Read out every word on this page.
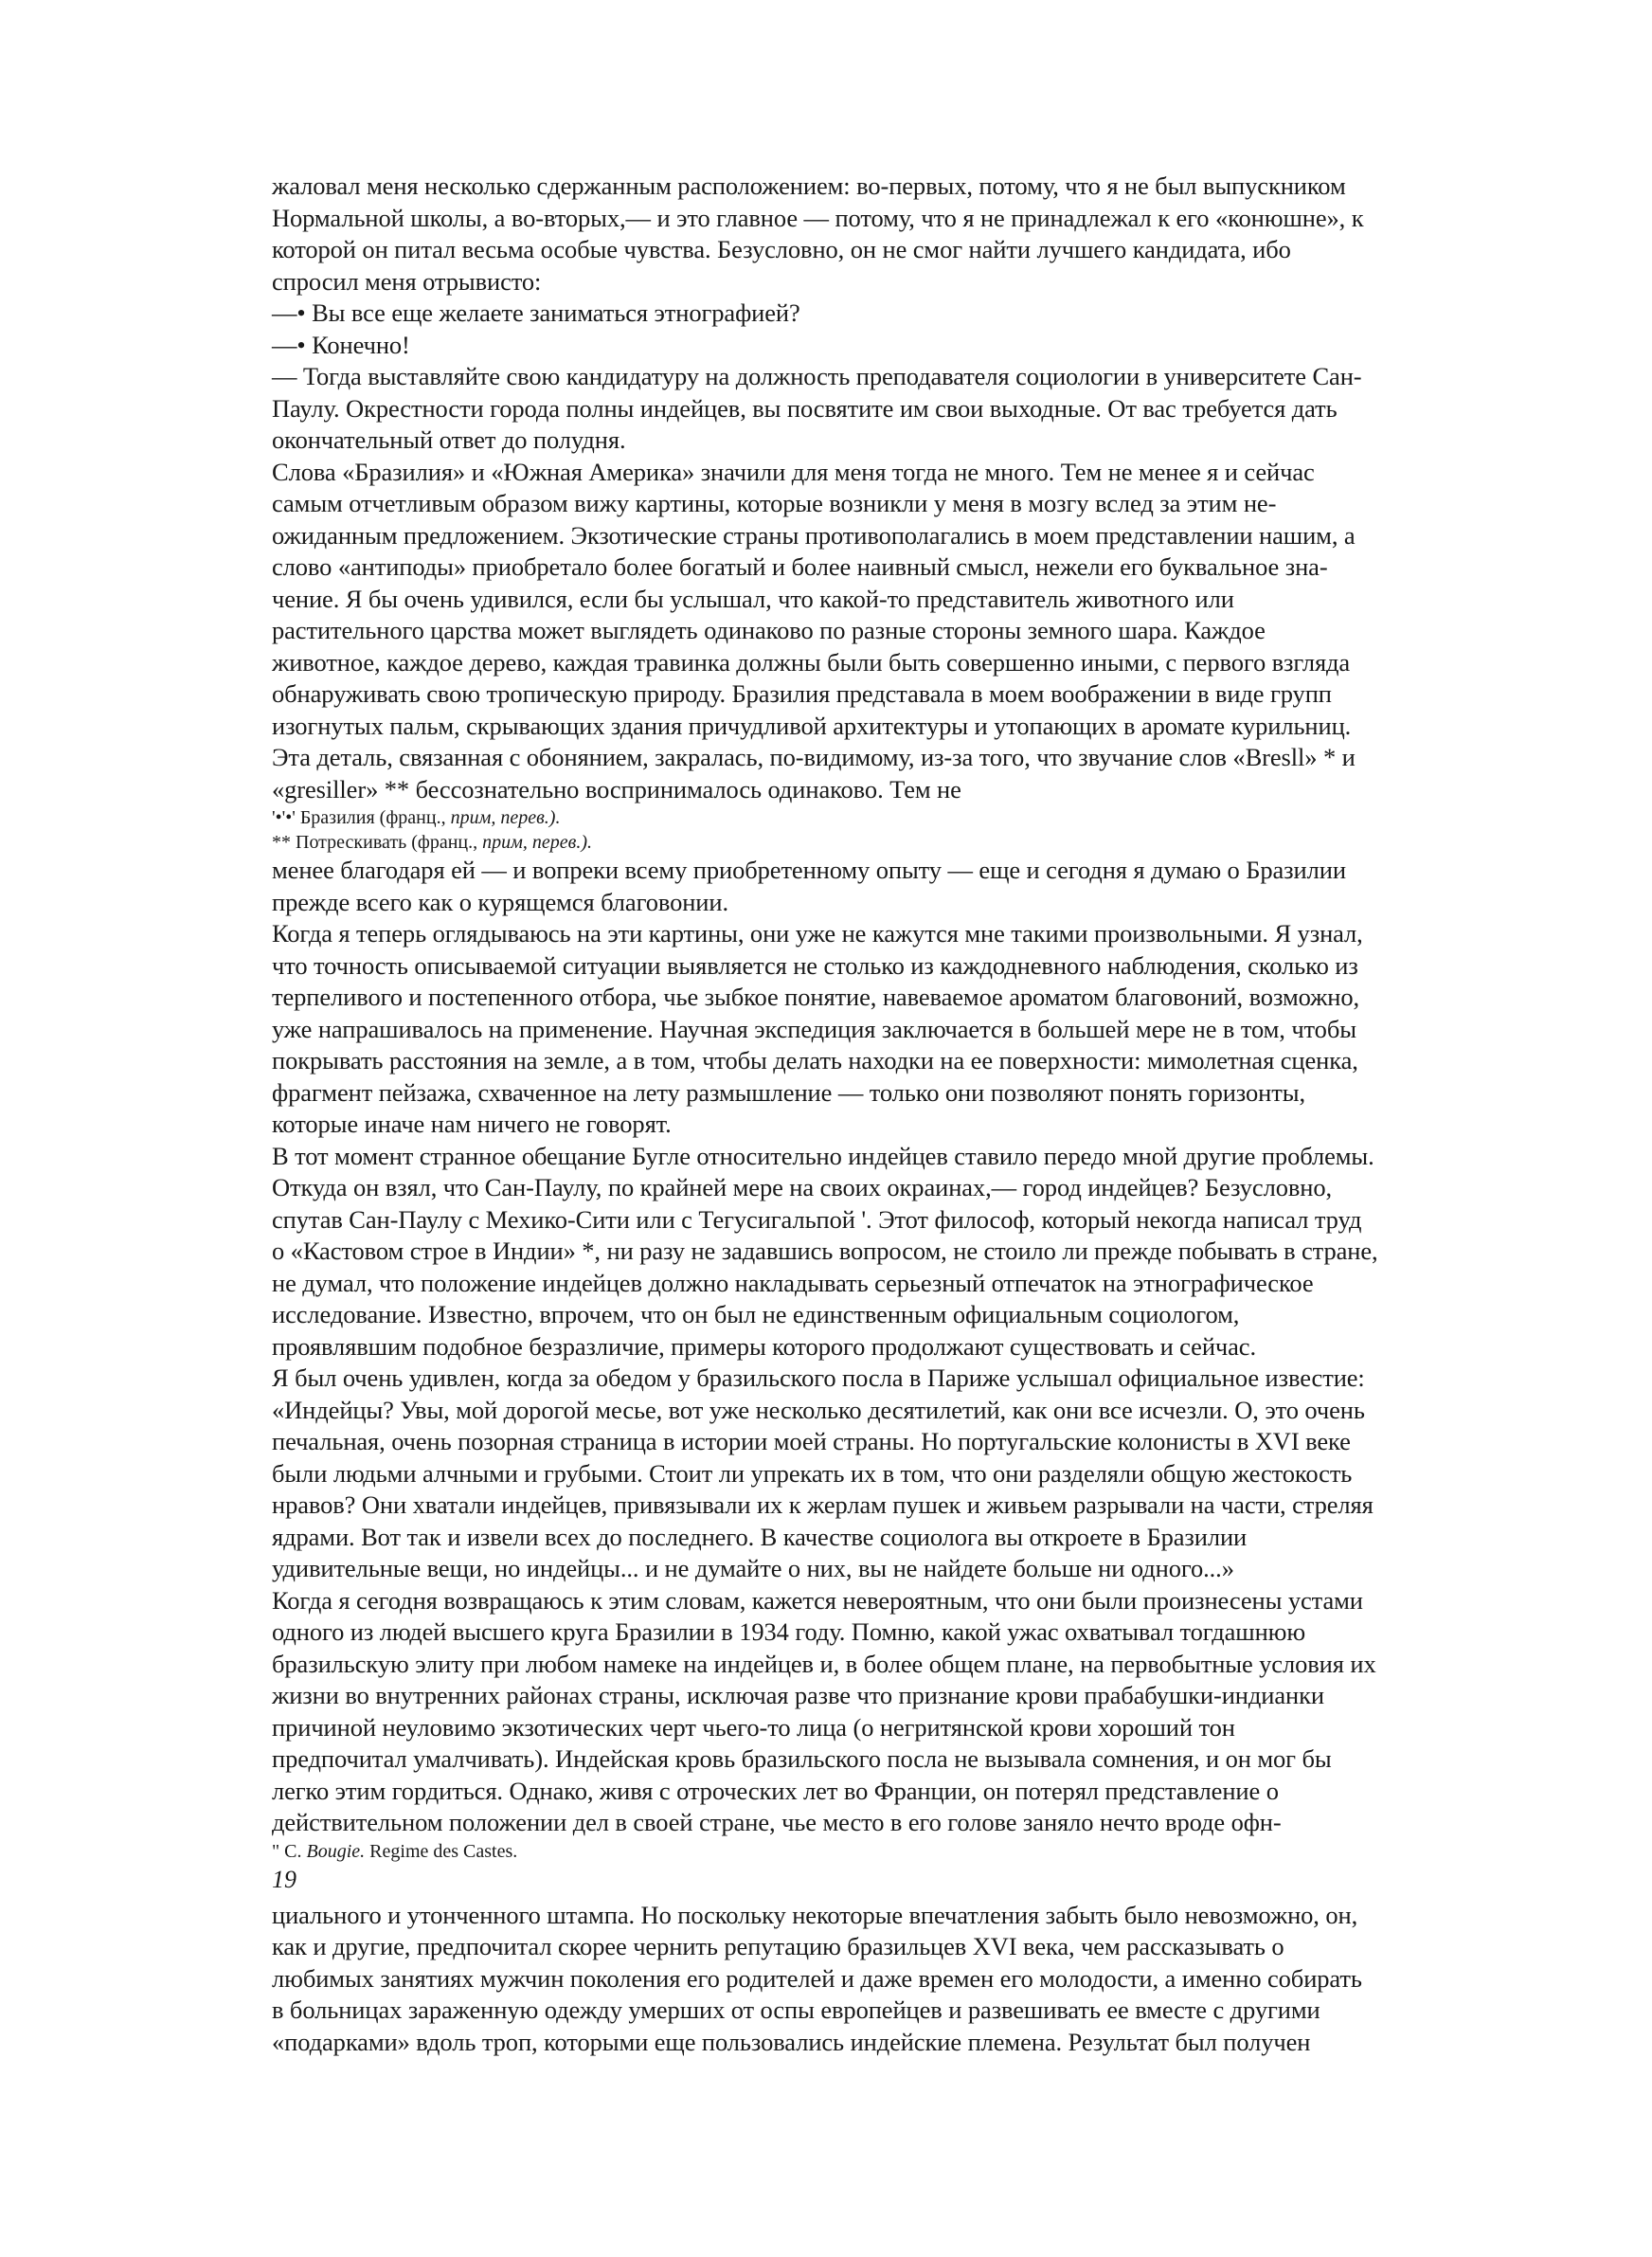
жаловал меня несколько сдержанным расположением: во-первых, потому, что я не был выпускником
Нормальной школы, а во-вторых,— и это главное — потому, что я не принадлежал к его «конюшне», к
которой он питал весьма особые чувства. Безусловно, он не смог найти лучшего кандидата, ибо
спросил меня отрывисто:
—• Вы все еще желаете заниматься этнографией?
—• Конечно!
— Тогда выставляйте свою кандидатуру на должность преподавателя социологии в университете Сан-
Паулу. Окрестности города полны индейцев, вы посвятите им свои выходные. От вас требуется дать
окончательный ответ до полудня.
Слова «Бразилия» и «Южная Америка» значили для меня тогда не много. Тем не менее я и сейчас
самым отчетливым образом вижу картины, которые возникли у меня в мозгу вслед за этим не-
ожиданным предложением. Экзотические страны противополагались в моем представлении нашим, а
слово «антиподы» приобретало более богатый и более наивный смысл, нежели его буквальное зна-
чение. Я бы очень удивился, если бы услышал, что какой-то представитель животного или
растительного царства может выглядеть одинаково по разные стороны земного шара. Каждое
животное, каждое дерево, каждая травинка должны были быть совершенно иными, с первого взгляда
обнаруживать свою тропическую природу. Бразилия представала в моем воображении в виде групп
изогнутых пальм, скрывающих здания причудливой архитектуры и утопающих в аромате курильниц.
Эта деталь, связанная с обонянием, закралась, по-видимому, из-за того, что звучание слов «Bresll» * и
«gresiller» ** бессознательно воспринималось одинаково. Тем не
'•'•' Бразилия (франц., прим, перев.).
** Потрескивать (франц., прим, перев.).
менее благодаря ей — и вопреки всему приобретенному опыту — еще и сегодня я думаю о Бразилии
прежде всего как о курящемся благовонии.
Когда я теперь оглядываюсь на эти картины, они уже не кажутся мне такими произвольными. Я узнал,
что точность описываемой ситуации выявляется не столько из каждодневного наблюдения, сколько из
терпеливого и постепенного отбора, чье зыбкое понятие, навеваемое ароматом благовоний, возможно,
уже напрашивалось на применение. Научная экспедиция заключается в большей мере не в том, чтобы
покрывать расстояния на земле, а в том, чтобы делать находки на ее поверхности: мимолетная сценка,
фрагмент пейзажа, схваченное на лету размышление — только они позволяют понять горизонты,
которые иначе нам ничего не говорят.
В тот момент странное обещание Бугле относительно индейцев ставило передо мной другие проблемы.
Откуда он взял, что Сан-Паулу, по крайней мере на своих окраинах,— город индейцев? Безусловно,
спутав Сан-Паулу с Мехико-Сити или с Тегусигальпой '. Этот философ, который некогда написал труд
о «Кастовом строе в Индии» *, ни разу не задавшись вопросом, не стоило ли прежде побывать в стране,
не думал, что положение индейцев должно накладывать серьезный отпечаток на этнографическое
исследование. Известно, впрочем, что он был не единственным официальным социологом,
проявлявшим подобное безразличие, примеры которого продолжают существовать и сейчас.
Я был очень удивлен, когда за обедом у бразильского посла в Париже услышал официальное известие:
«Индейцы? Увы, мой дорогой месье, вот уже несколько десятилетий, как они все исчезли. О, это очень
печальная, очень позорная страница в истории моей страны. Но португальские колонисты в XVI веке
были людьми алчными и грубыми. Стоит ли упрекать их в том, что они разделяли общую жестокость
нравов? Они хватали индейцев, привязывали их к жерлам пушек и живьем разрывали на части, стреляя
ядрами. Вот так и извели всех до последнего. В качестве социолога вы откроете в Бразилии
удивительные вещи, но индейцы... и не думайте о них, вы не найдете больше ни одного...»
Когда я сегодня возвращаюсь к этим словам, кажется невероятным, что они были произнесены устами
одного из людей высшего круга Бразилии в 1934 году. Помню, какой ужас охватывал тогдашнюю
бразильскую элиту при любом намеке на индейцев и, в более общем плане, на первобытные условия их
жизни во внутренних районах страны, исключая разве что признание крови прабабушки-индианки
причиной неуловимо экзотических черт чьего-то лица (о негритянской крови хороший тон
предпочитал умалчивать). Индейская кровь бразильского посла не вызывала сомнения, и он мог бы
легко этим гордиться. Однако, живя с отроческих лет во Франции, он потерял представление о
действительном положении дел в своей стране, чье место в его голове заняло нечто вроде офн-
" C. Bougie. Regime des Castes.
19
циального и утонченного штампа. Но поскольку некоторые впечатления забыть было невозможно, он,
как и другие, предпочитал скорее чернить репутацию бразильцев XVI века, чем рассказывать о
любимых занятиях мужчин поколения его родителей и даже времен его молодости, а именно собирать
в больницах зараженную одежду умерших от оспы европейцев и развешивать ее вместе с другими
«подарками» вдоль троп, которыми еще пользовались индейские племена. Результат был получен
